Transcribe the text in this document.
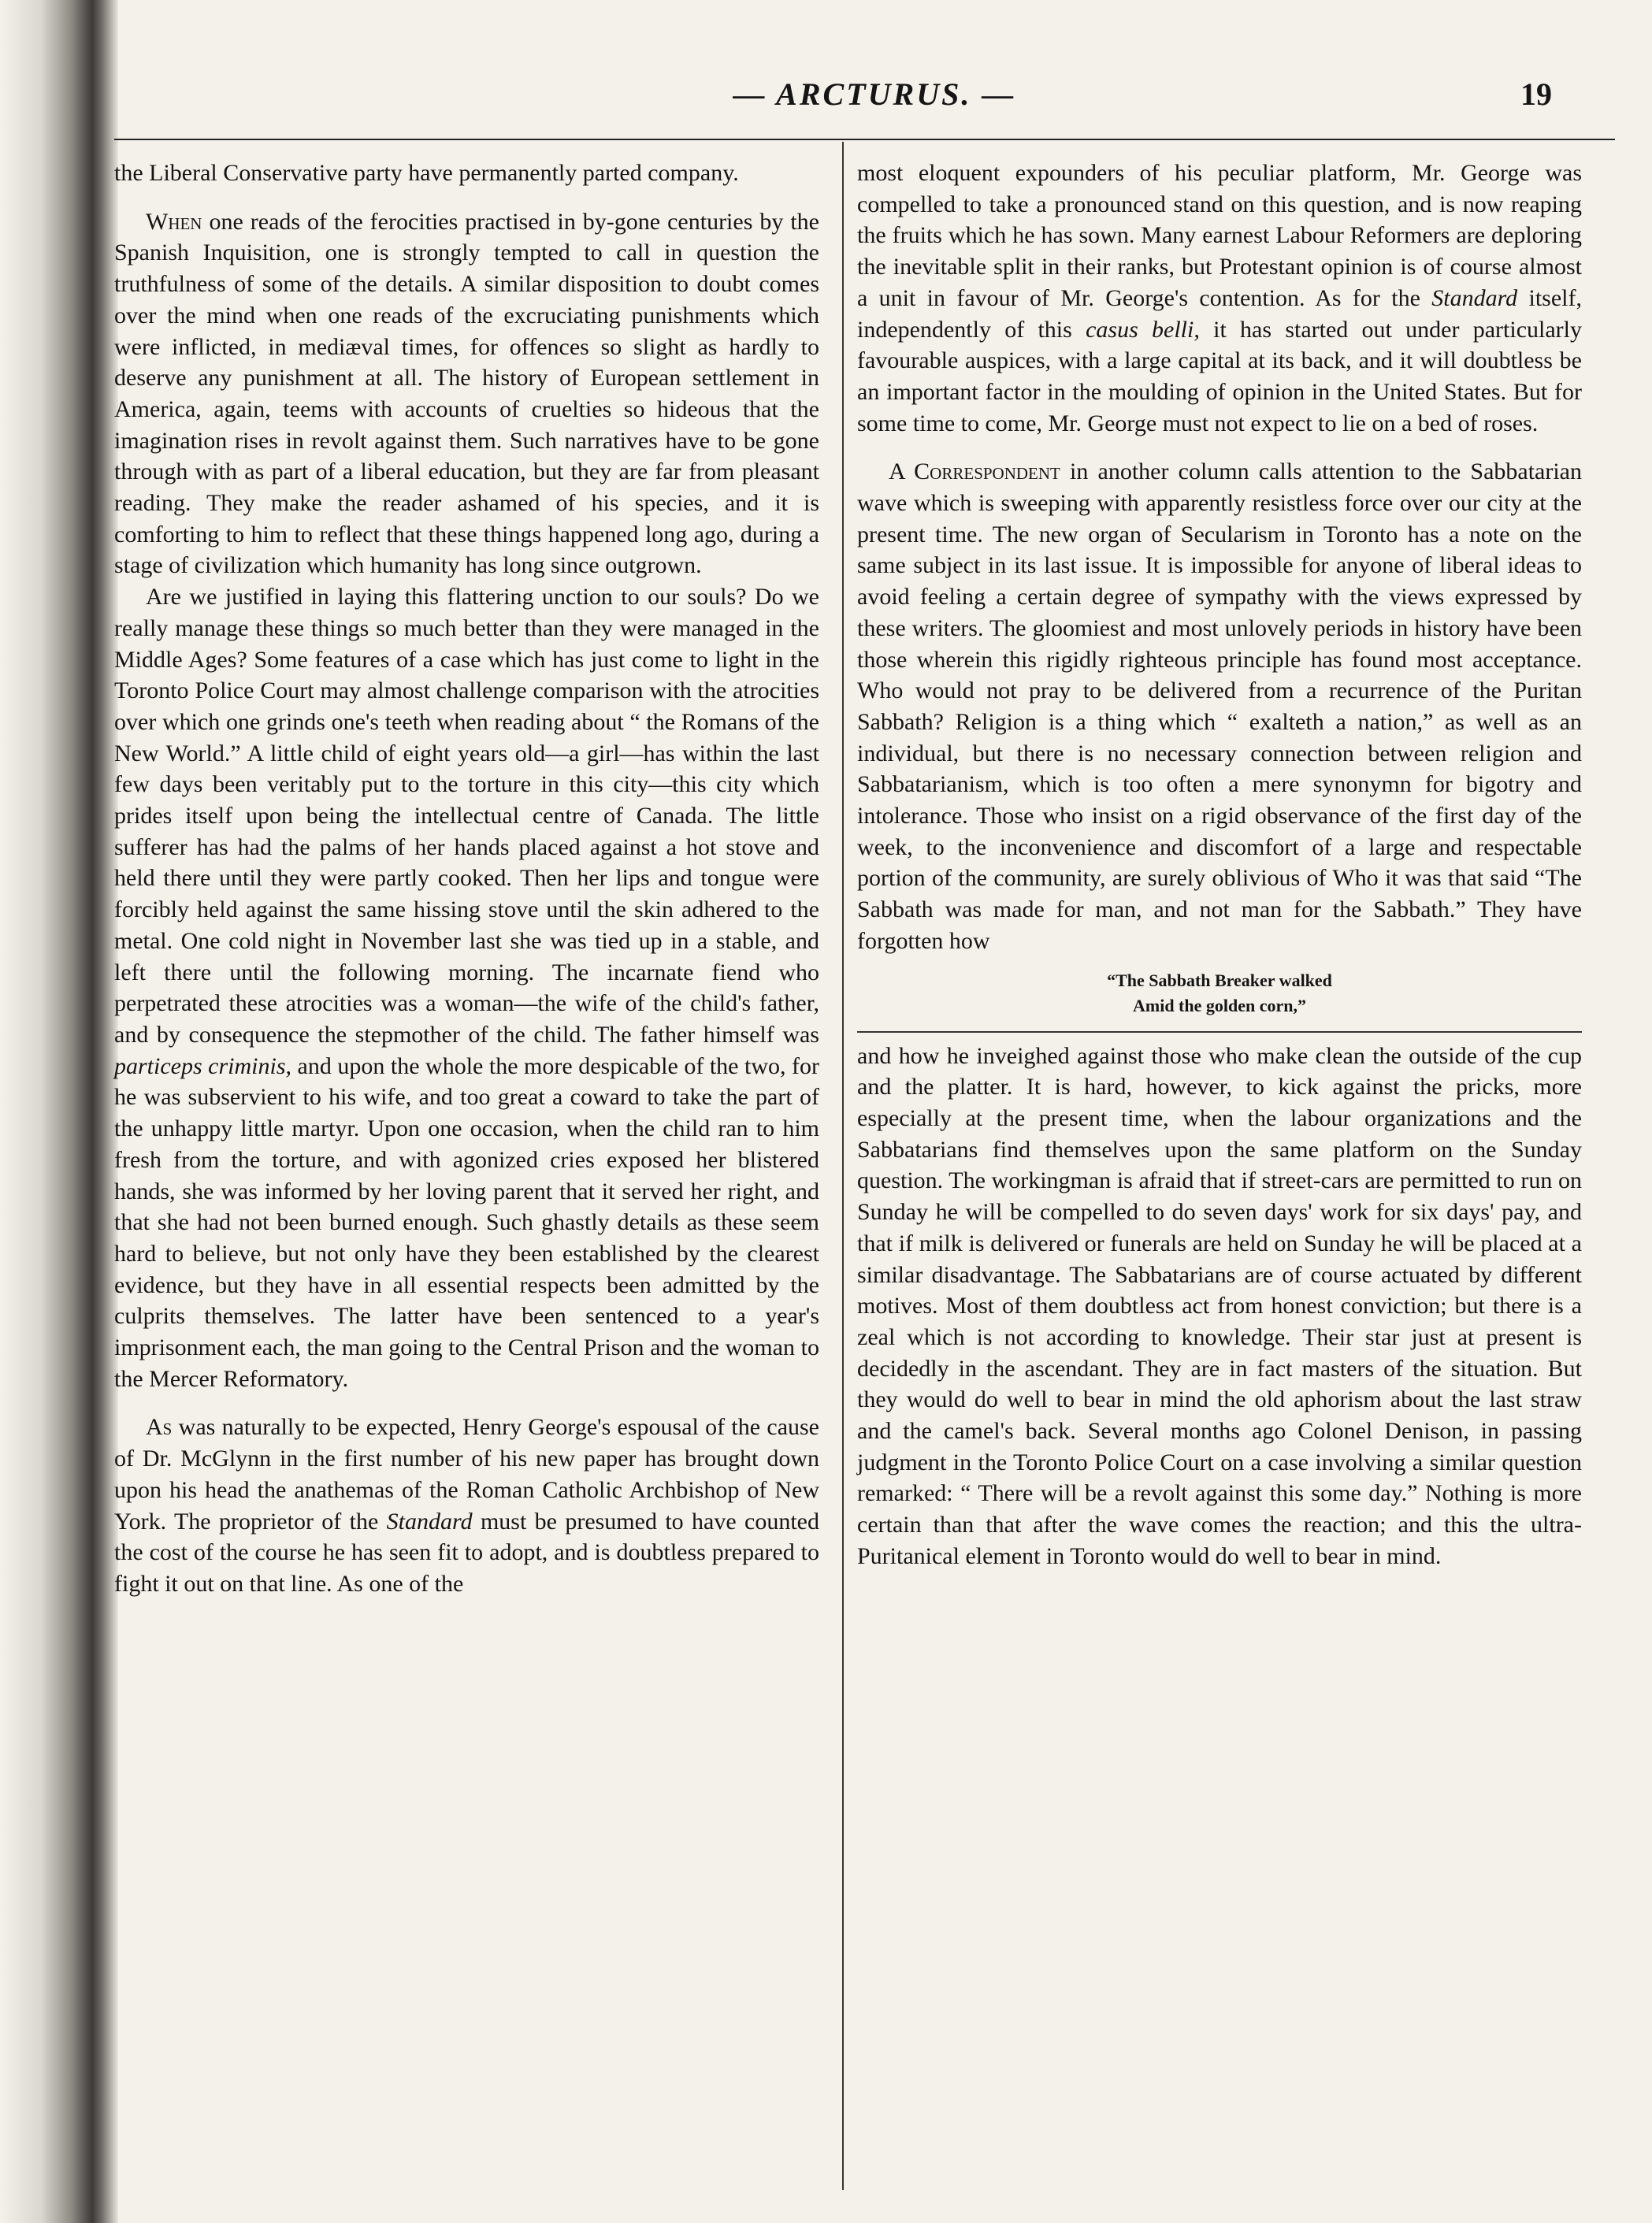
— ARCTURUS. —	19

the Liberal Conservative party have permanently parted company.

When one reads of the ferocities practised in by-gone centuries by the Spanish Inquisition, one is strongly tempted to call in question the truthfulness of some of the details. A similar disposition to doubt comes over the mind when one reads of the excruciating punishments which were inflicted, in mediæval times, for offences so slight as hardly to deserve any punishment at all. The history of European settlement in America, again, teems with accounts of cruelties so hideous that the imagination rises in revolt against them. Such narratives have to be gone through with as part of a liberal education, but they are far from pleasant reading. They make the reader ashamed of his species, and it is comforting to him to reflect that these things happened long ago, during a stage of civilization which humanity has long since outgrown.

Are we justified in laying this flattering unction to our souls? Do we really manage these things so much better than they were managed in the Middle Ages? Some features of a case which has just come to light in the Toronto Police Court may almost challenge comparison with the atrocities over which one grinds one's teeth when reading about “ the Romans of the New World.” A little child of eight years old—a girl—has within the last few days been veritably put to the torture in this city—this city which prides itself upon being the intellectual centre of Canada. The little sufferer has had the palms of her hands placed against a hot stove and held there until they were partly cooked. Then her lips and tongue were forcibly held against the same hissing stove until the skin adhered to the metal. One cold night in November last she was tied up in a stable, and left there until the following morning. The incarnate fiend who perpetrated these atrocities was a woman—the wife of the child's father, and by consequence the stepmother of the child. The father himself was particeps criminis, and upon the whole the more despicable of the two, for he was subservient to his wife, and too great a coward to take the part of the unhappy little martyr. Upon one occasion, when the child ran to him fresh from the torture, and with agonized cries exposed her blistered hands, she was informed by her loving parent that it served her right, and that she had not been burned enough. Such ghastly details as these seem hard to believe, but not only have they been established by the clearest evidence, but they have in all essential respects been admitted by the culprits themselves. The latter have been sentenced to a year's imprisonment each, the man going to the Central Prison and the woman to the Mercer Reformatory.

As was naturally to be expected, Henry George's espousal of the cause of Dr. McGlynn in the first number of his new paper has brought down upon his head the anathemas of the Roman Catholic Archbishop of New York. The proprietor of the Standard must be presumed to have counted the cost of the course he has seen fit to adopt, and is doubtless prepared to fight it out on that line. As one of the

most eloquent expounders of his peculiar platform, Mr. George was compelled to take a pronounced stand on this question, and is now reaping the fruits which he has sown. Many earnest Labour Reformers are deploring the inevitable split in their ranks, but Protestant opinion is of course almost a unit in favour of Mr. George's contention. As for the Standard itself, independently of this casus belli, it has started out under particularly favourable auspices, with a large capital at its back, and it will doubtless be an important factor in the moulding of opinion in the United States. But for some time to come, Mr. George must not expect to lie on a bed of roses.

A Correspondent in another column calls attention to the Sabbatarian wave which is sweeping with apparently resistless force over our city at the present time. The new organ of Secularism in Toronto has a note on the same subject in its last issue. It is impossible for anyone of liberal ideas to avoid feeling a certain degree of sympathy with the views expressed by these writers. The gloomiest and most unlovely periods in history have been those wherein this rigidly righteous principle has found most acceptance. Who would not pray to be delivered from a recurrence of the Puritan Sabbath? Religion is a thing which “ exalteth a nation,” as well as an individual, but there is no necessary connection between religion and Sabbatarianism, which is too often a mere synonymn for bigotry and intolerance. Those who insist on a rigid observance of the first day of the week, to the inconvenience and discomfort of a large and respectable portion of the community, are surely oblivious of Who it was that said “The Sabbath was made for man, and not man for the Sabbath.” They have forgotten how

“The Sabbath Breaker walked
Amid the golden corn,”

and how he inveighed against those who make clean the outside of the cup and the platter. It is hard, however, to kick against the pricks, more especially at the present time, when the labour organizations and the Sabbatarians find themselves upon the same platform on the Sunday question. The workingman is afraid that if street-cars are permitted to run on Sunday he will be compelled to do seven days' work for six days' pay, and that if milk is delivered or funerals are held on Sunday he will be placed at a similar disadvantage. The Sabbatarians are of course actuated by different motives. Most of them doubtless act from honest conviction; but there is a zeal which is not according to knowledge. Their star just at present is decidedly in the ascendant. They are in fact masters of the situation. But they would do well to bear in mind the old aphorism about the last straw and the camel's back. Several months ago Colonel Denison, in passing judgment in the Toronto Police Court on a case involving a similar question remarked: “ There will be a revolt against this some day.” Nothing is more certain than that after the wave comes the reaction; and this the ultra-Puritanical element in Toronto would do well to bear in mind.
